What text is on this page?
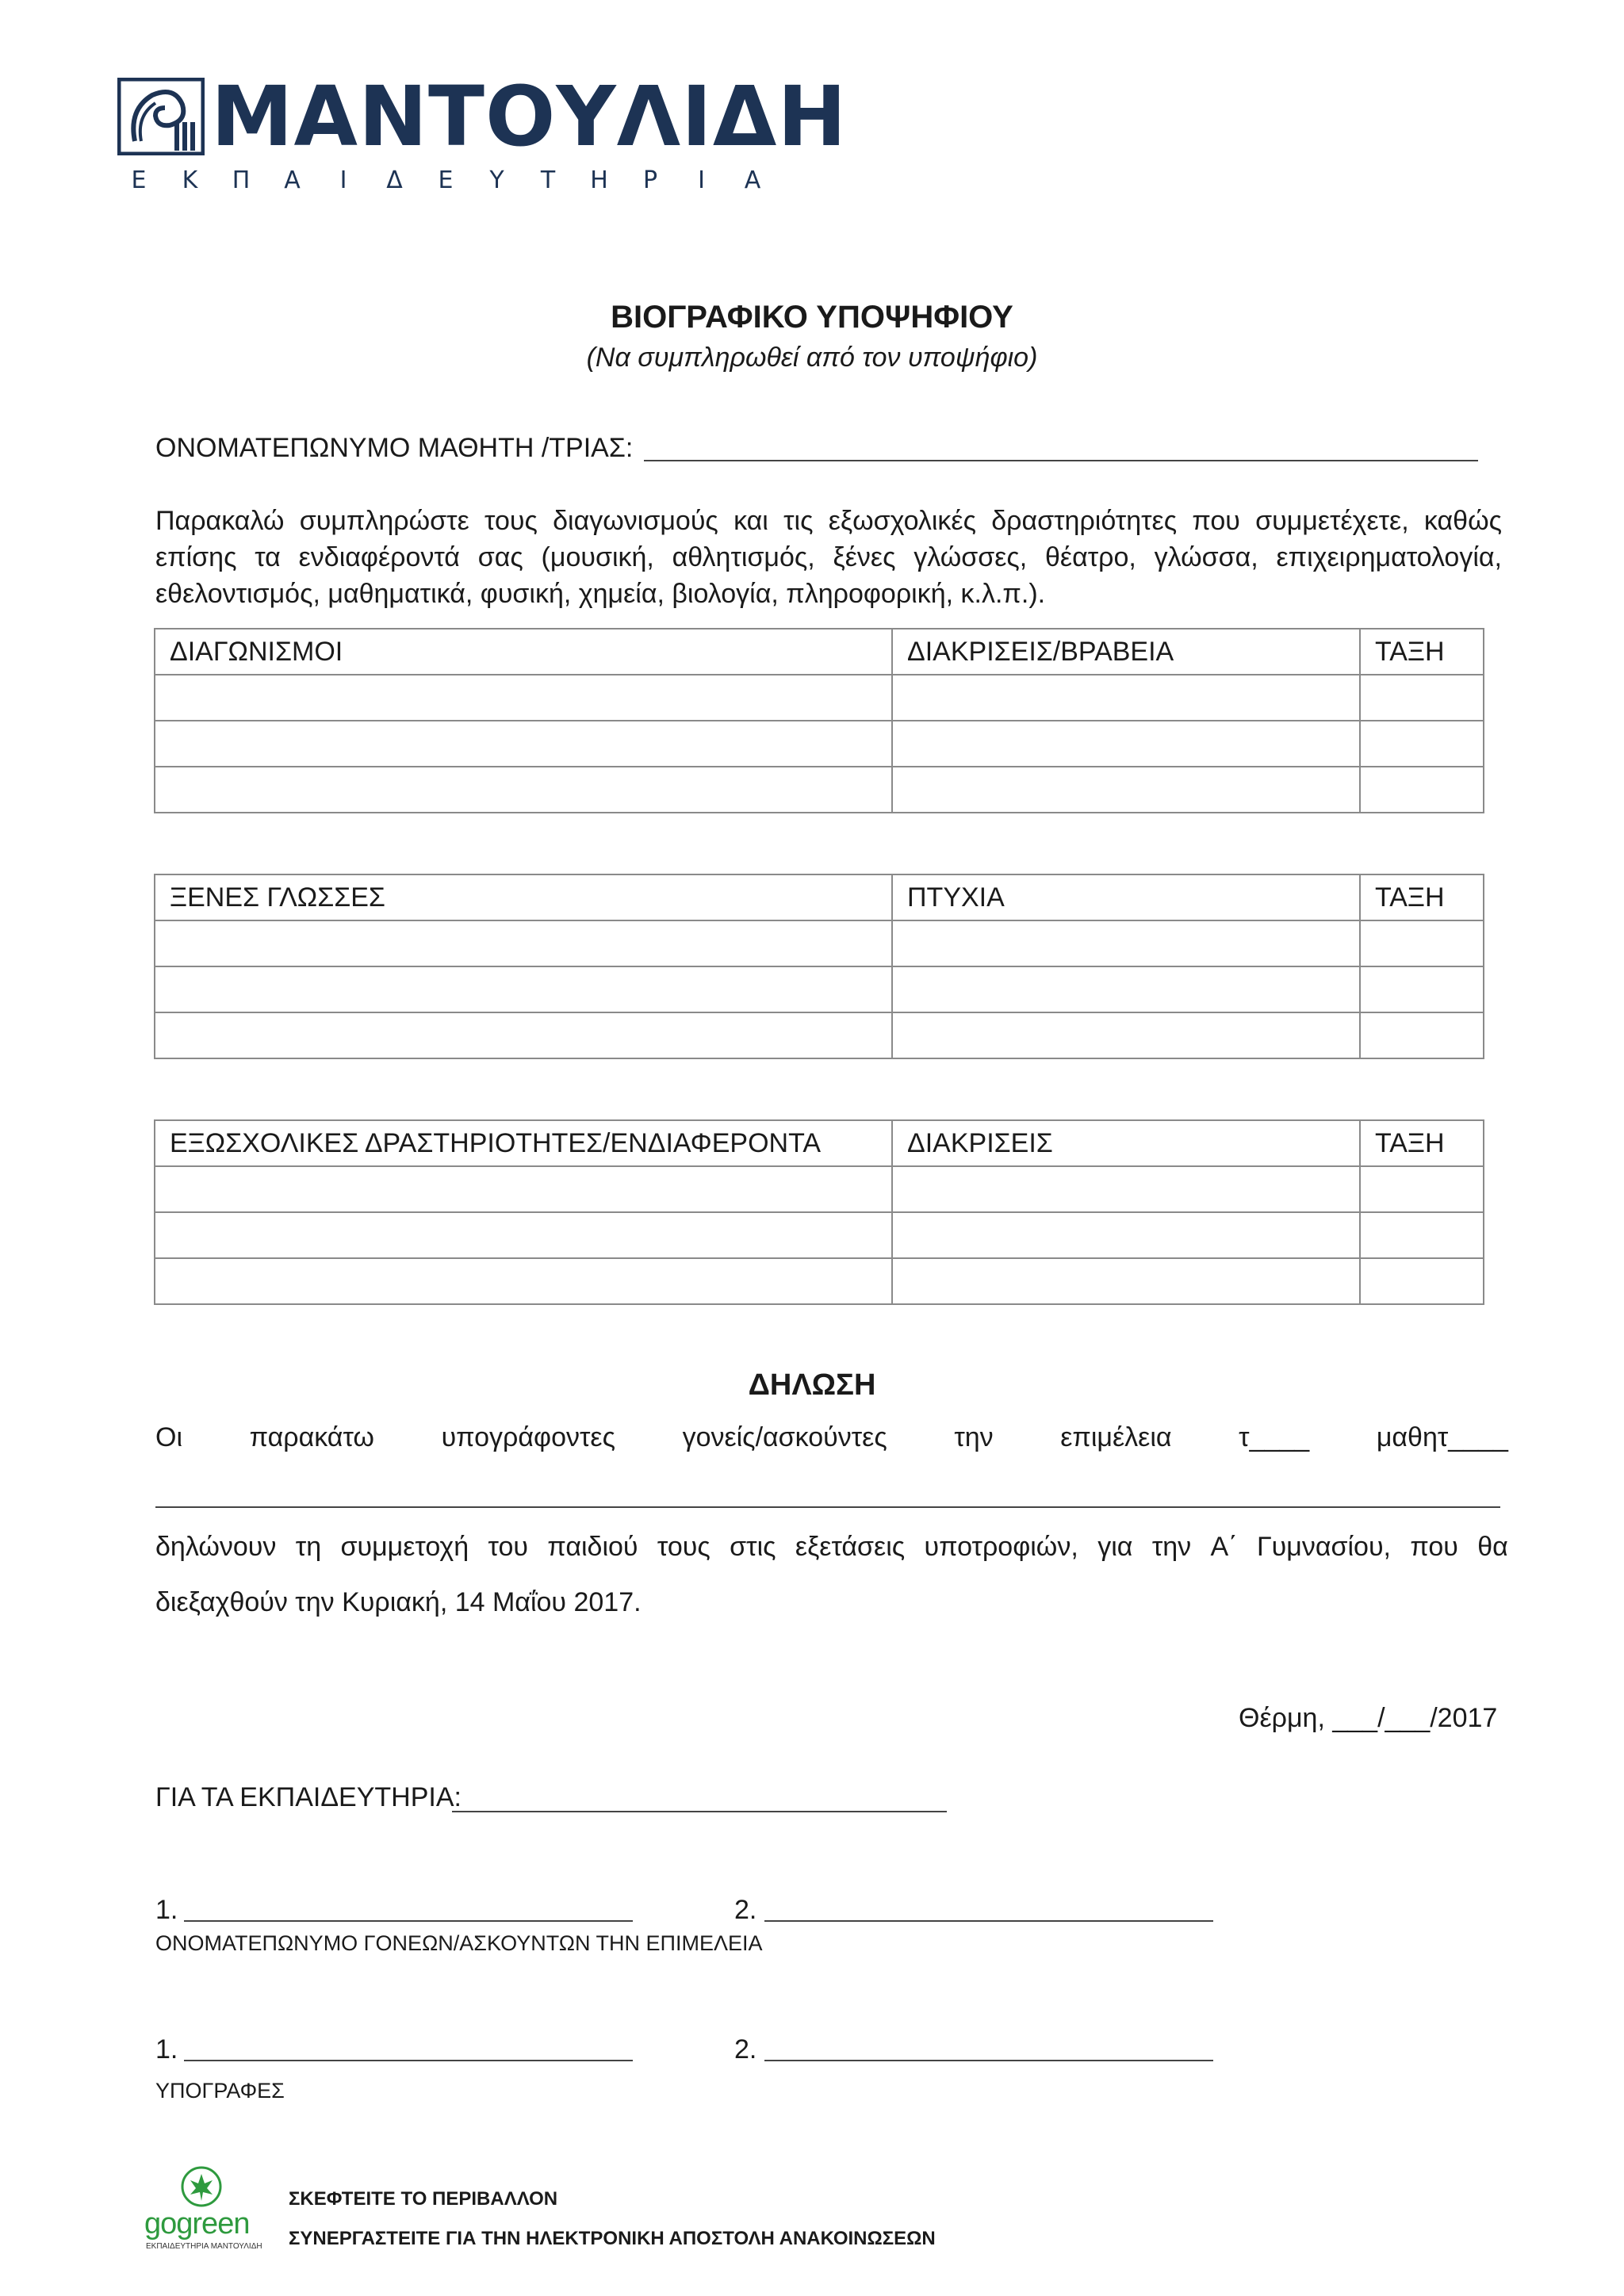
ΜΑΝΤΟΥΛΙΔΗ
Ε Κ Π Α Ι Δ Ε Υ Τ Η Ρ Ι Α
ΒΙΟΓΡΑΦΙΚΟ ΥΠΟΨΗΦΙΟΥ
(Να συμπληρωθεί από τον υποψήφιο)
ΟΝΟΜΑΤΕΠΩΝΥΜΟ ΜΑΘΗΤΗ /ΤΡΙΑΣ:
Παρακαλώ συμπληρώστε τους διαγωνισμούς και τις εξωσχολικές δραστηριότητες που συμμετέχετε, καθώς επίσης τα ενδιαφέροντά σας (μουσική, αθλητισμός, ξένες γλώσσες, θέατρο, γλώσσα, επιχειρηματολογία, εθελοντισμός, μαθηματικά, φυσική, χημεία, βιολογία, πληροφορική, κ.λ.π.).
ΔΙΑΓΩΝΙΣΜΟΙ	ΔΙΑΚΡΙΣΕΙΣ/ΒΡΑΒΕΙΑ	ΤΑΞΗ

ΞΕΝΕΣ ΓΛΩΣΣΕΣ	ΠΤΥΧΙΑ	ΤΑΞΗ

ΕΞΩΣΧΟΛΙΚΕΣ ΔΡΑΣΤΗΡΙΟΤΗΤΕΣ/ΕΝΔΙΑΦΕΡΟΝΤΑ	ΔΙΑΚΡΙΣΕΙΣ	ΤΑΞΗ

ΔΗΛΩΣΗ
Οι παρακάτω υπογράφοντες γονείς/ασκούντες την επιμέλεια τ____ μαθητ____
δηλώνουν τη συμμετοχή του παιδιού τους στις εξετάσεις υποτροφιών, για την Α΄ Γυμνασίου, που θα
διεξαχθούν την Κυριακή, 14 Μαΐου 2017.
Θέρμη, ___/___/2017
ΓΙΑ ΤΑ ΕΚΠΑΙΔΕΥΤΗΡΙΑ:
1.	2.
ΟΝΟΜΑΤΕΠΩΝΥΜΟ ΓΟΝΕΩΝ/ΑΣΚΟΥΝΤΩΝ ΤΗΝ ΕΠΙΜΕΛΕΙΑ
1.	2.
ΥΠΟΓΡΑΦΕΣ
gogreen
ΕΚΠΑΙΔΕΥΤΗΡΙΑ ΜΑΝΤΟΥΛΙΔΗ
ΣΚΕΦΤΕΙΤΕ ΤΟ ΠΕΡΙΒΑΛΛΟΝ
ΣΥΝΕΡΓΑΣΤΕΙΤΕ ΓΙΑ ΤΗΝ ΗΛΕΚΤΡΟΝΙΚΗ ΑΠΟΣΤΟΛΗ ΑΝΑΚΟΙΝΩΣΕΩΝ
